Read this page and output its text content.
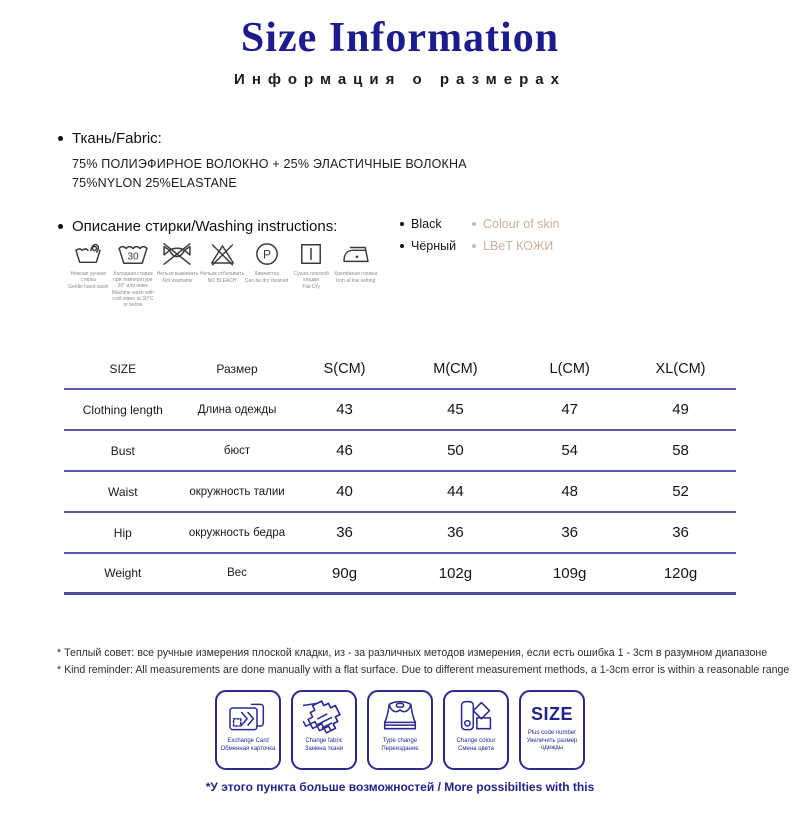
Size Information
Информация о размерах
Ткань/Fabric:
75% ПОЛИЭФИРНОЕ ВОЛОКНО + 25% ЭЛАСТИЧНЫЕ ВОЛОКНА
75%NYLON 25%ELASTANE
Описание стирки/Washing instructions:
Нежная ручная стирка
Gentle hand wash
30
Холодная стирка при температуре 30° или ниже
Machine wash with cold water at 30°C or below
Нельзя выжимать
Not washable
Нельзя отбеливать
NO BLEACH
P
Химчистка
Can be dry cleaned
Сушка плоской кладки
Flat Dry
Крепёжная глажка
Iron at low setting
Black	Colour of skin
Чёрный LBeT КОЖИ
SIZE	Размер	S(CM)	M(CM)	L(CM)	XL(CM)
Clothing length	Длина одежды	43	45	47	49
Bust	бюст	46	50	54	58
Waist	окружность талии	40	44	48	52
Hip	окружность бедра	36	36	36	36
Weight	Вес	90g	102g	109g	120g
* Теплый совет: все ручные измерения плоской кладки, из - за различных методов измерения, если есть ошибка 1 - 3cm в разумном диапазоне
* Kind reminder: All measurements are done manually with a flat surface. Due to different measurement methods, a 1-3cm error is within a reasonable range
Exchange Card
Обменная карточка
Change fabric
Замена ткани
Type change
Переиздание
Change colour
Смена цвета
SIZE
Plus code number
Увеличить размер одежды
*У этого пункта больше возможностей / More possibilties with this
